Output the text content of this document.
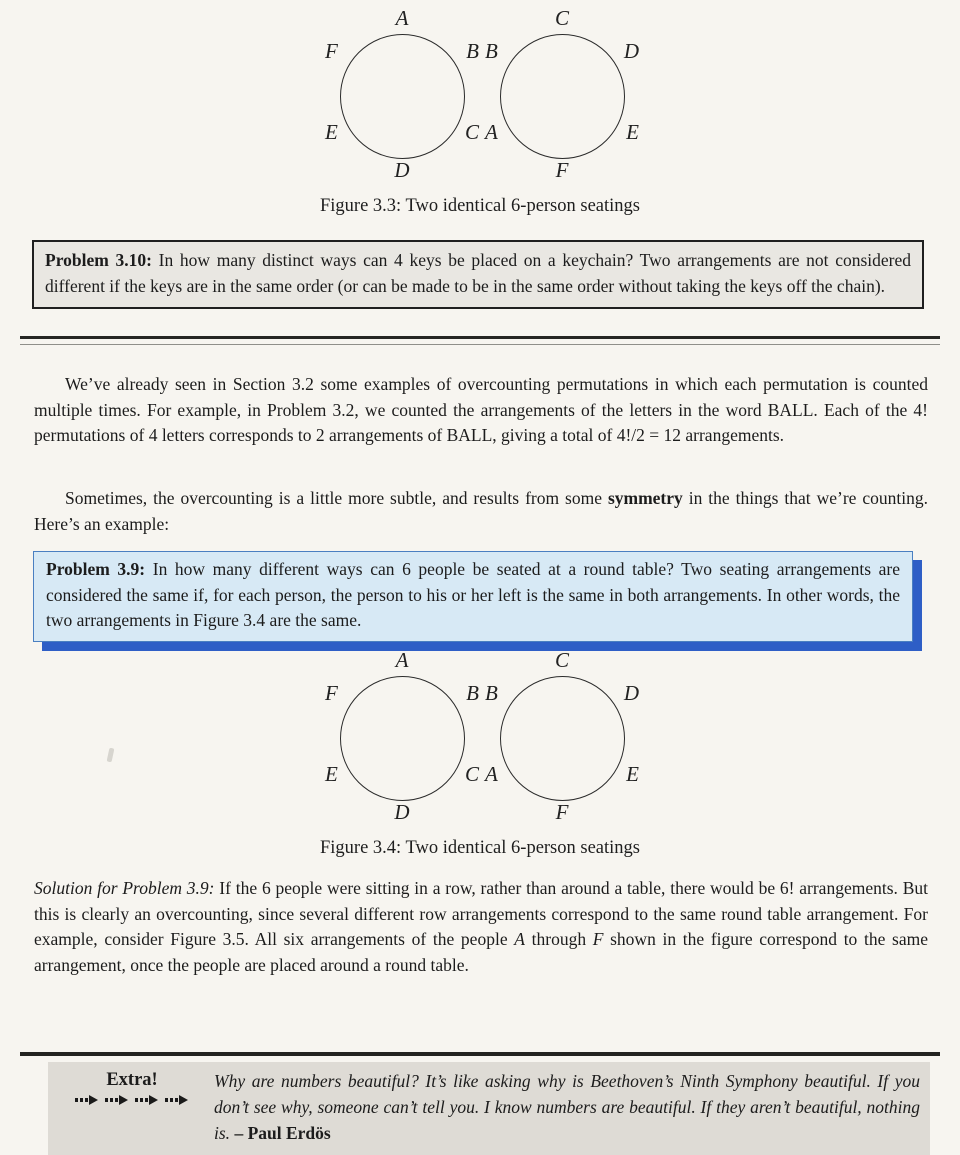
A
B
C
D
E
F
C
D
E
F
A
B
Figure 3.3: Two identical 6-person seatings
Problem 3.10: In how many distinct ways can 4 keys be placed on a keychain? Two arrangements are not considered different if the keys are in the same order (or can be made to be in the same order without taking the keys off the chain).
We’ve already seen in Section 3.2 some examples of overcounting permutations in which each permutation is counted multiple times. For example, in Problem 3.2, we counted the arrangements of the letters in the word BALL. Each of the 4! permutations of 4 letters corresponds to 2 arrangements of BALL, giving a total of 4!/2 = 12 arrangements.
Sometimes, the overcounting is a little more subtle, and results from some symmetry in the things that we’re counting. Here’s an example:
Problem 3.9: In how many different ways can 6 people be seated at a round table? Two seating arrangements are considered the same if, for each person, the person to his or her left is the same in both arrangements. In other words, the two arrangements in Figure 3.4 are the same.
A
B
C
D
E
F
C
D
E
F
A
B
Figure 3.4: Two identical 6-person seatings
Solution for Problem 3.9: If the 6 people were sitting in a row, rather than around a table, there would be 6! arrangements. But this is clearly an overcounting, since several different row arrangements correspond to the same round table arrangement. For example, consider Figure 3.5. All six arrangements of the people A through F shown in the figure correspond to the same arrangement, once the people are placed around a round table.
Extra!
	Why are numbers beautiful? It’s like asking why is Beethoven’s Ninth Symphony beautiful. If you don’t see why, someone can’t tell you. I know numbers are beautiful. If they aren’t beautiful, nothing is. – Paul Erdös
